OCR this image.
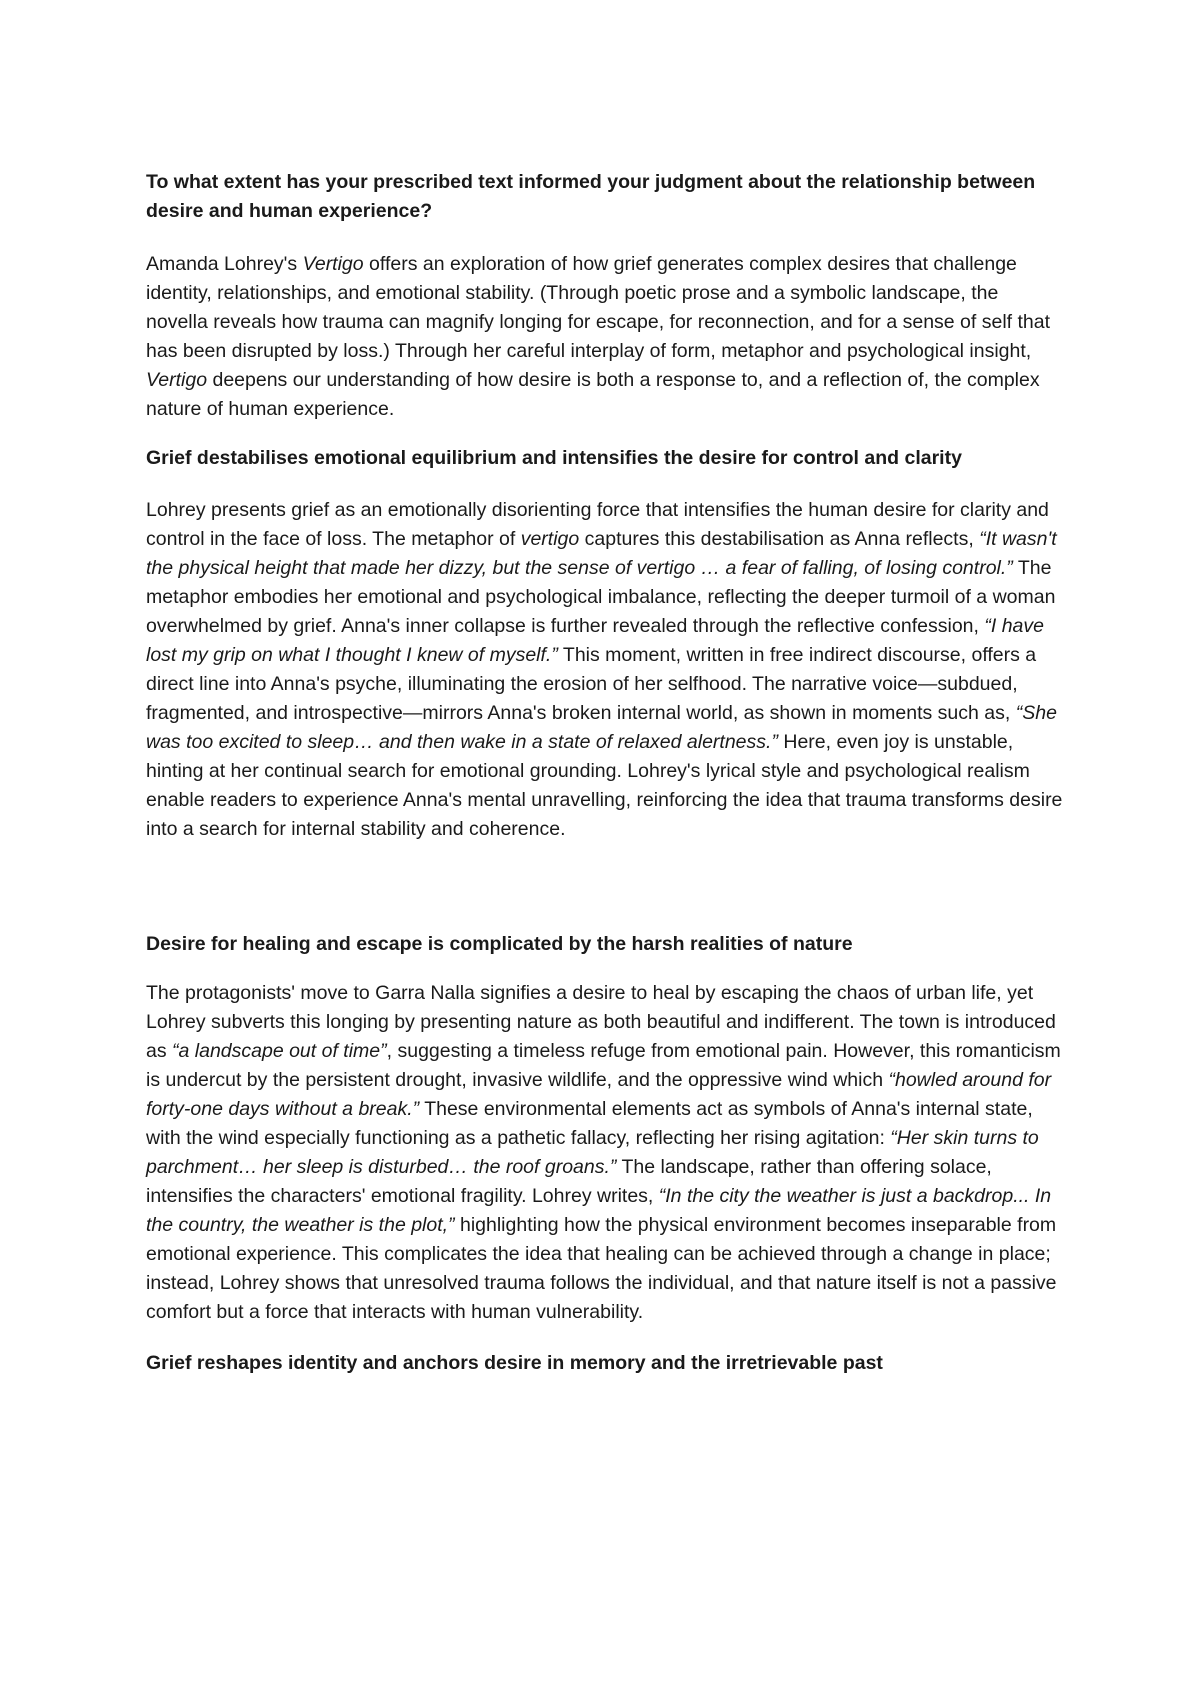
To what extent has your prescribed text informed your judgment about the relationship between desire and human experience?

Amanda Lohrey's Vertigo offers an exploration of how grief generates complex desires that challenge identity, relationships, and emotional stability. (Through poetic prose and a symbolic landscape, the novella reveals how trauma can magnify longing for escape, for reconnection, and for a sense of self that has been disrupted by loss.) Through her careful interplay of form, metaphor and psychological insight, Vertigo deepens our understanding of how desire is both a response to, and a reflection of, the complex nature of human experience.

Grief destabilises emotional equilibrium and intensifies the desire for control and clarity

Lohrey presents grief as an emotionally disorienting force that intensifies the human desire for clarity and control in the face of loss. The metaphor of vertigo captures this destabilisation as Anna reflects, “It wasn't the physical height that made her dizzy, but the sense of vertigo … a fear of falling, of losing control.” The metaphor embodies her emotional and psychological imbalance, reflecting the deeper turmoil of a woman overwhelmed by grief. Anna's inner collapse is further revealed through the reflective confession, “I have lost my grip on what I thought I knew of myself.” This moment, written in free indirect discourse, offers a direct line into Anna's psyche, illuminating the erosion of her selfhood. The narrative voice—subdued, fragmented, and introspective—mirrors Anna's broken internal world, as shown in moments such as, “She was too excited to sleep… and then wake in a state of relaxed alertness.” Here, even joy is unstable, hinting at her continual search for emotional grounding. Lohrey's lyrical style and psychological realism enable readers to experience Anna's mental unravelling, reinforcing the idea that trauma transforms desire into a search for internal stability and coherence.

Desire for healing and escape is complicated by the harsh realities of nature

The protagonists' move to Garra Nalla signifies a desire to heal by escaping the chaos of urban life, yet Lohrey subverts this longing by presenting nature as both beautiful and indifferent. The town is introduced as “a landscape out of time”, suggesting a timeless refuge from emotional pain. However, this romanticism is undercut by the persistent drought, invasive wildlife, and the oppressive wind which “howled around for forty-one days without a break.” These environmental elements act as symbols of Anna's internal state, with the wind especially functioning as a pathetic fallacy, reflecting her rising agitation: “Her skin turns to parchment… her sleep is disturbed… the roof groans.” The landscape, rather than offering solace, intensifies the characters' emotional fragility. Lohrey writes, “In the city the weather is just a backdrop... In the country, the weather is the plot,” highlighting how the physical environment becomes inseparable from emotional experience. This complicates the idea that healing can be achieved through a change in place; instead, Lohrey shows that unresolved trauma follows the individual, and that nature itself is not a passive comfort but a force that interacts with human vulnerability.

Grief reshapes identity and anchors desire in memory and the irretrievable past
